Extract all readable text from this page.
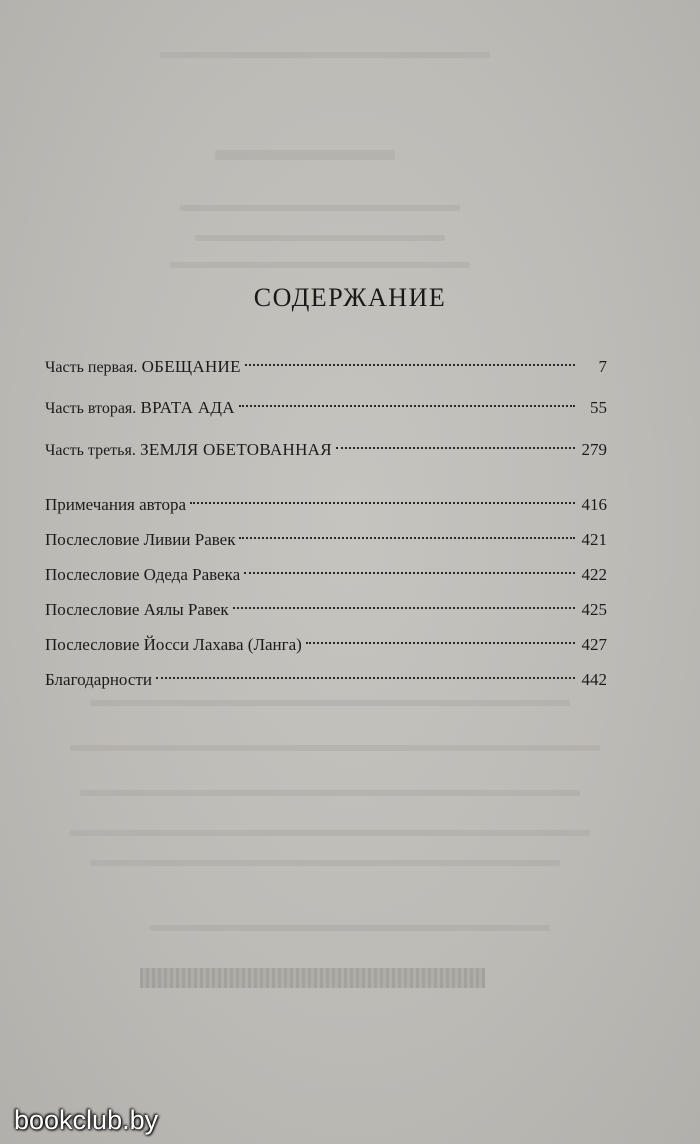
СОДЕРЖАНИЕ
Часть первая. ОБЕЩАНИЕ	7
Часть вторая. ВРАТА АДА	55
Часть третья. ЗЕМЛЯ ОБЕТОВАННАЯ	279
Примечания автора	416
Послесловие Ливии Равек	421
Послесловие Одеда Равека	422
Послесловие Аялы Равек	425
Послесловие Йосси Лахава (Ланга)	427
Благодарности	442
bookclub.by
